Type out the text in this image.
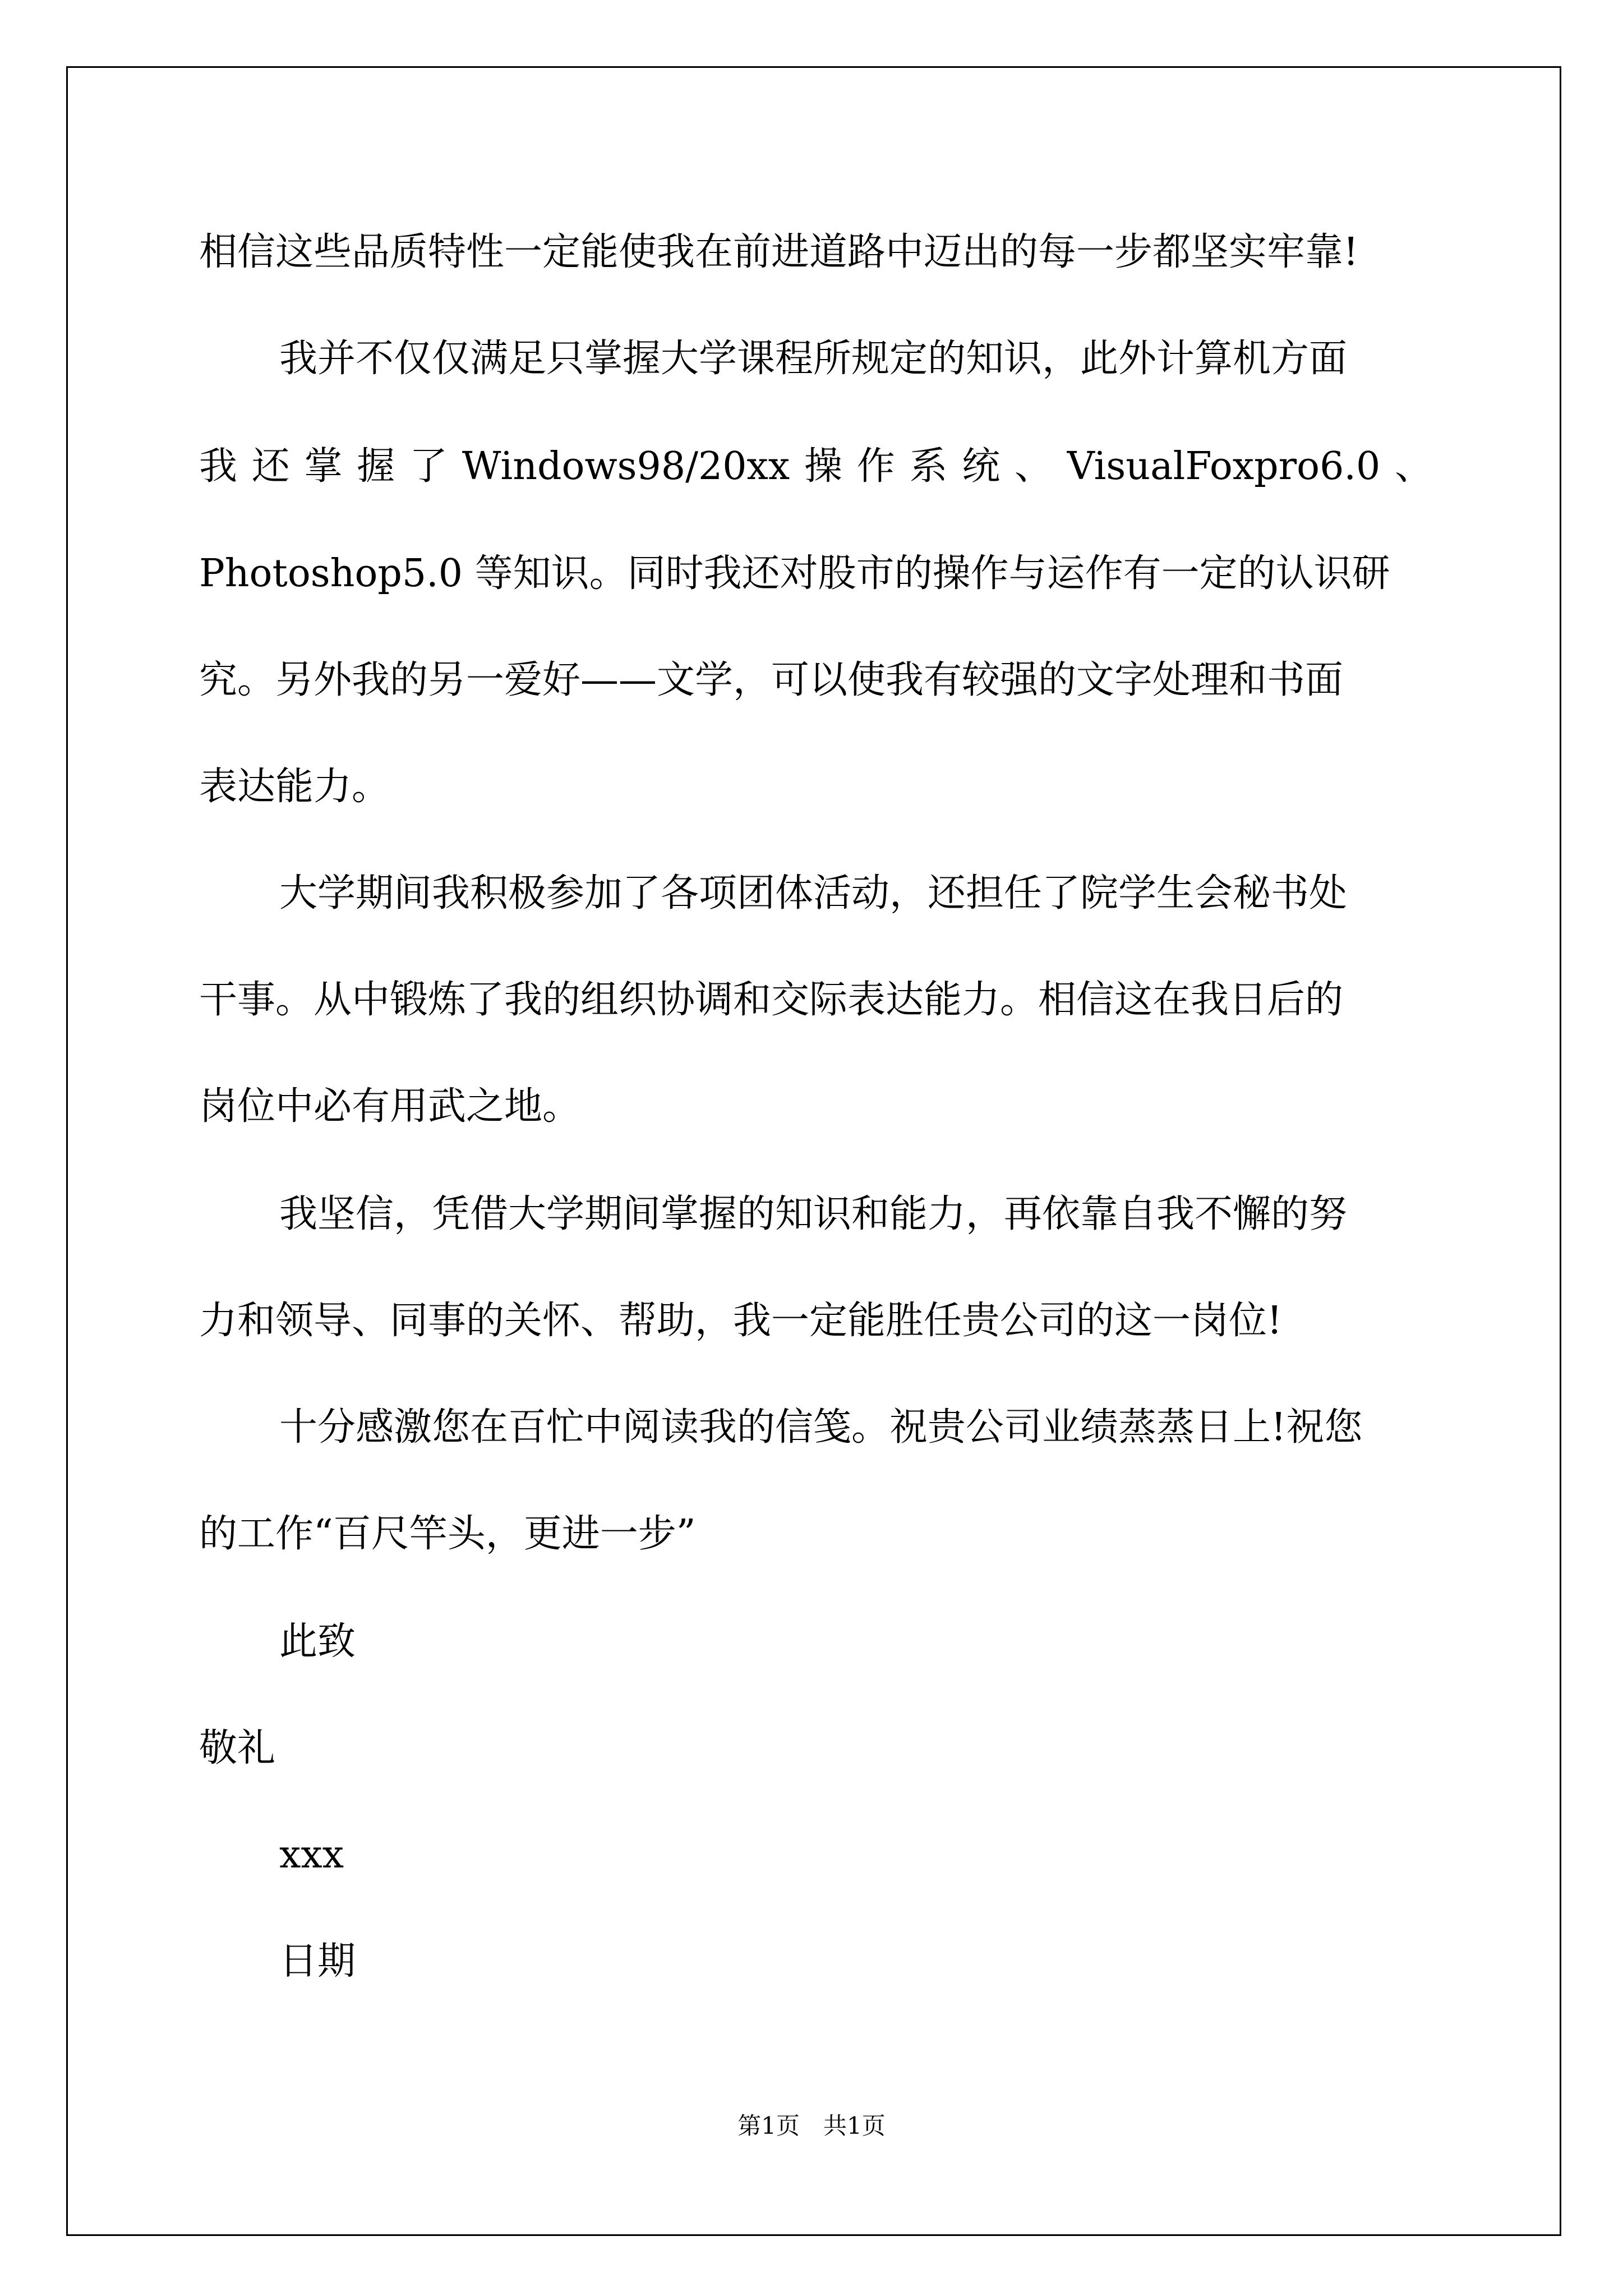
相信这些品质特性一定能使我在前进道路中迈出的每一步都坚实牢靠!

我并不仅仅满足只掌握大学课程所规定的知识，此外计算机方面

我 还 掌 握 了 Windows98/20xx 操 作 系 统 、 VisualFoxpro6.0 、

Photoshop5.0 等知识。同时我还对股市的操作与运作有一定的认识研

究。另外我的另一爱好——文学，可以使我有较强的文字处理和书面

表达能力。

大学期间我积极参加了各项团体活动，还担任了院学生会秘书处

干事。从中锻炼了我的组织协调和交际表达能力。相信这在我日后的

岗位中必有用武之地。

我坚信，凭借大学期间掌握的知识和能力，再依靠自我不懈的努

力和领导、同事的关怀、帮助，我一定能胜任贵公司的这一岗位!

十分感激您在百忙中阅读我的信笺。祝贵公司业绩蒸蒸日上!祝您

的工作“百尺竿头，更进一步”

此致

敬礼

xxx

日期

第1页　共1页
